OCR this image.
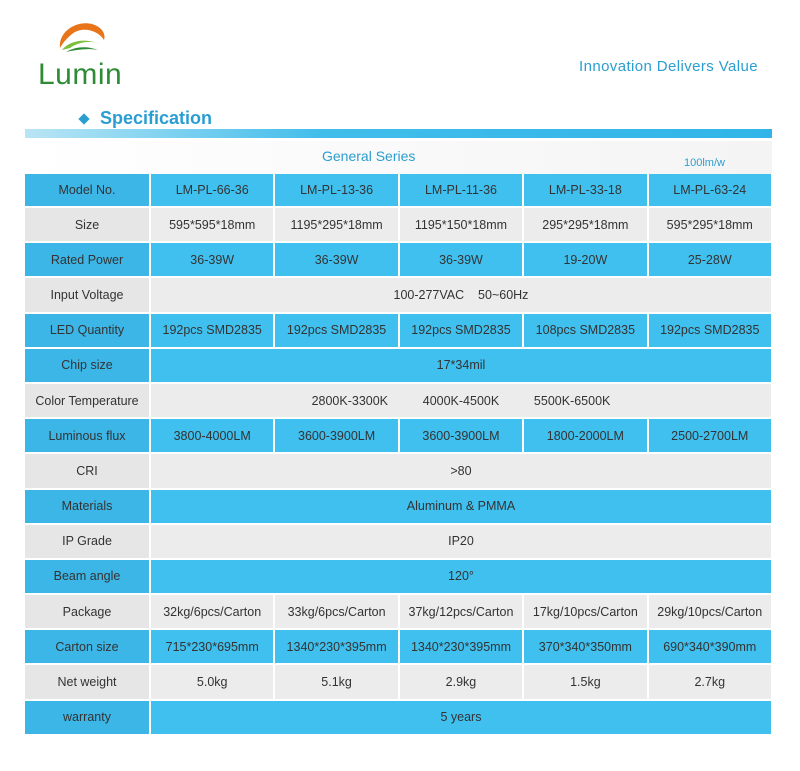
Lumin	Innovation Delivers Value
Specification
General Series	100lm/w
Model No.	LM-PL-66-36	LM-PL-13-36	LM-PL-11-36	LM-PL-33-18	LM-PL-63-24
Size	595*595*18mm	1195*295*18mm	1195*150*18mm	295*295*18mm	595*295*18mm
Rated Power	36-39W	36-39W	36-39W	19-20W	25-28W
Input Voltage	100-277VAC    50~60Hz				
LED Quantity	192pcs SMD2835	192pcs SMD2835	192pcs SMD2835	108pcs SMD2835	192pcs SMD2835
Chip size	17*34mil				
Color Temperature	2800K-3300K          4000K-4500K          5500K-6500K				
Luminous flux	3800-4000LM	3600-3900LM	3600-3900LM	1800-2000LM	2500-2700LM
CRI	>80				
Materials	Aluminum & PMMA				
IP Grade	IP20				
Beam angle	120°				
Package	32kg/6pcs/Carton	33kg/6pcs/Carton	37kg/12pcs/Carton	17kg/10pcs/Carton	29kg/10pcs/Carton
Carton size	715*230*695mm	1340*230*395mm	1340*230*395mm	370*340*350mm	690*340*390mm
Net weight	5.0kg	5.1kg	2.9kg	1.5kg	2.7kg
warranty	5 years				
